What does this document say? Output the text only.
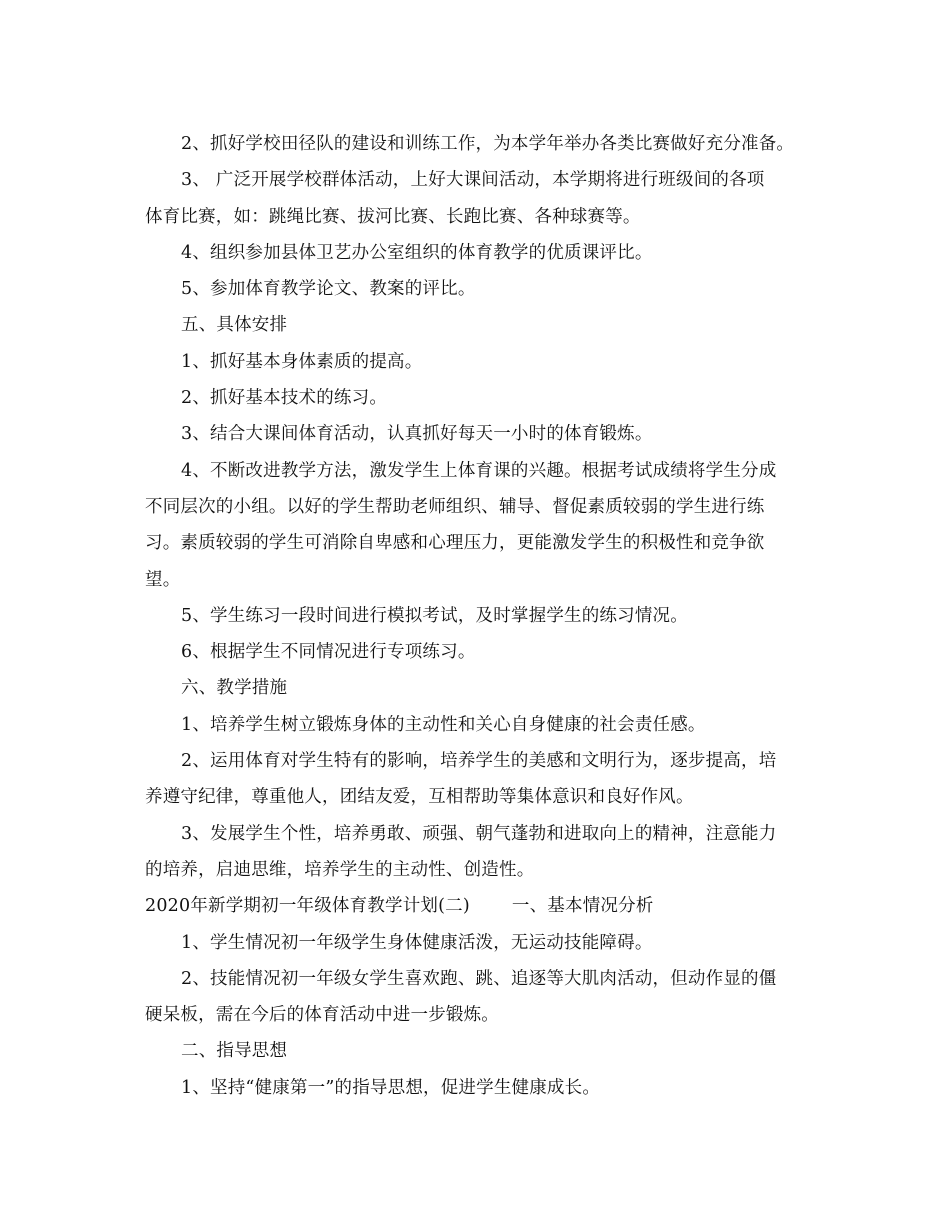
2、抓好学校田径队的建设和训练工作，为本学年举办各类比赛做好充分准备。
3、 广泛开展学校群体活动，上好大课间活动，本学期将进行班级间的各项
体育比赛，如：跳绳比赛、拔河比赛、长跑比赛、各种球赛等。
4、组织参加县体卫艺办公室组织的体育教学的优质课评比。
5、参加体育教学论文、教案的评比。
五、具体安排
1、抓好基本身体素质的提高。
2、抓好基本技术的练习。
3、结合大课间体育活动，认真抓好每天一小时的体育锻炼。
4、不断改进教学方法，激发学生上体育课的兴趣。根据考试成绩将学生分成
不同层次的小组。以好的学生帮助老师组织、辅导、督促素质较弱的学生进行练
习。素质较弱的学生可消除自卑感和心理压力，更能激发学生的积极性和竞争欲
望。
5、学生练习一段时间进行模拟考试，及时掌握学生的练习情况。
6、根据学生不同情况进行专项练习。
六、教学措施
1、培养学生树立锻炼身体的主动性和关心自身健康的社会责任感。
2、运用体育对学生特有的影响，培养学生的美感和文明行为，逐步提高，培
养遵守纪律，尊重他人，团结友爱，互相帮助等集体意识和良好作风。
3、发展学生个性，培养勇敢、顽强、朝气蓬勃和进取向上的精神，注意能力
的培养，启迪思维，培养学生的主动性、创造性。
2020年新学期初一年级体育教学计划(二) 一、基本情况分析
1、学生情况初一年级学生身体健康活泼，无运动技能障碍。
2、技能情况初一年级女学生喜欢跑、跳、追逐等大肌肉活动，但动作显的僵
硬呆板，需在今后的体育活动中进一步锻炼。
二、指导思想
1、坚持“健康第一”的指导思想，促进学生健康成长。
